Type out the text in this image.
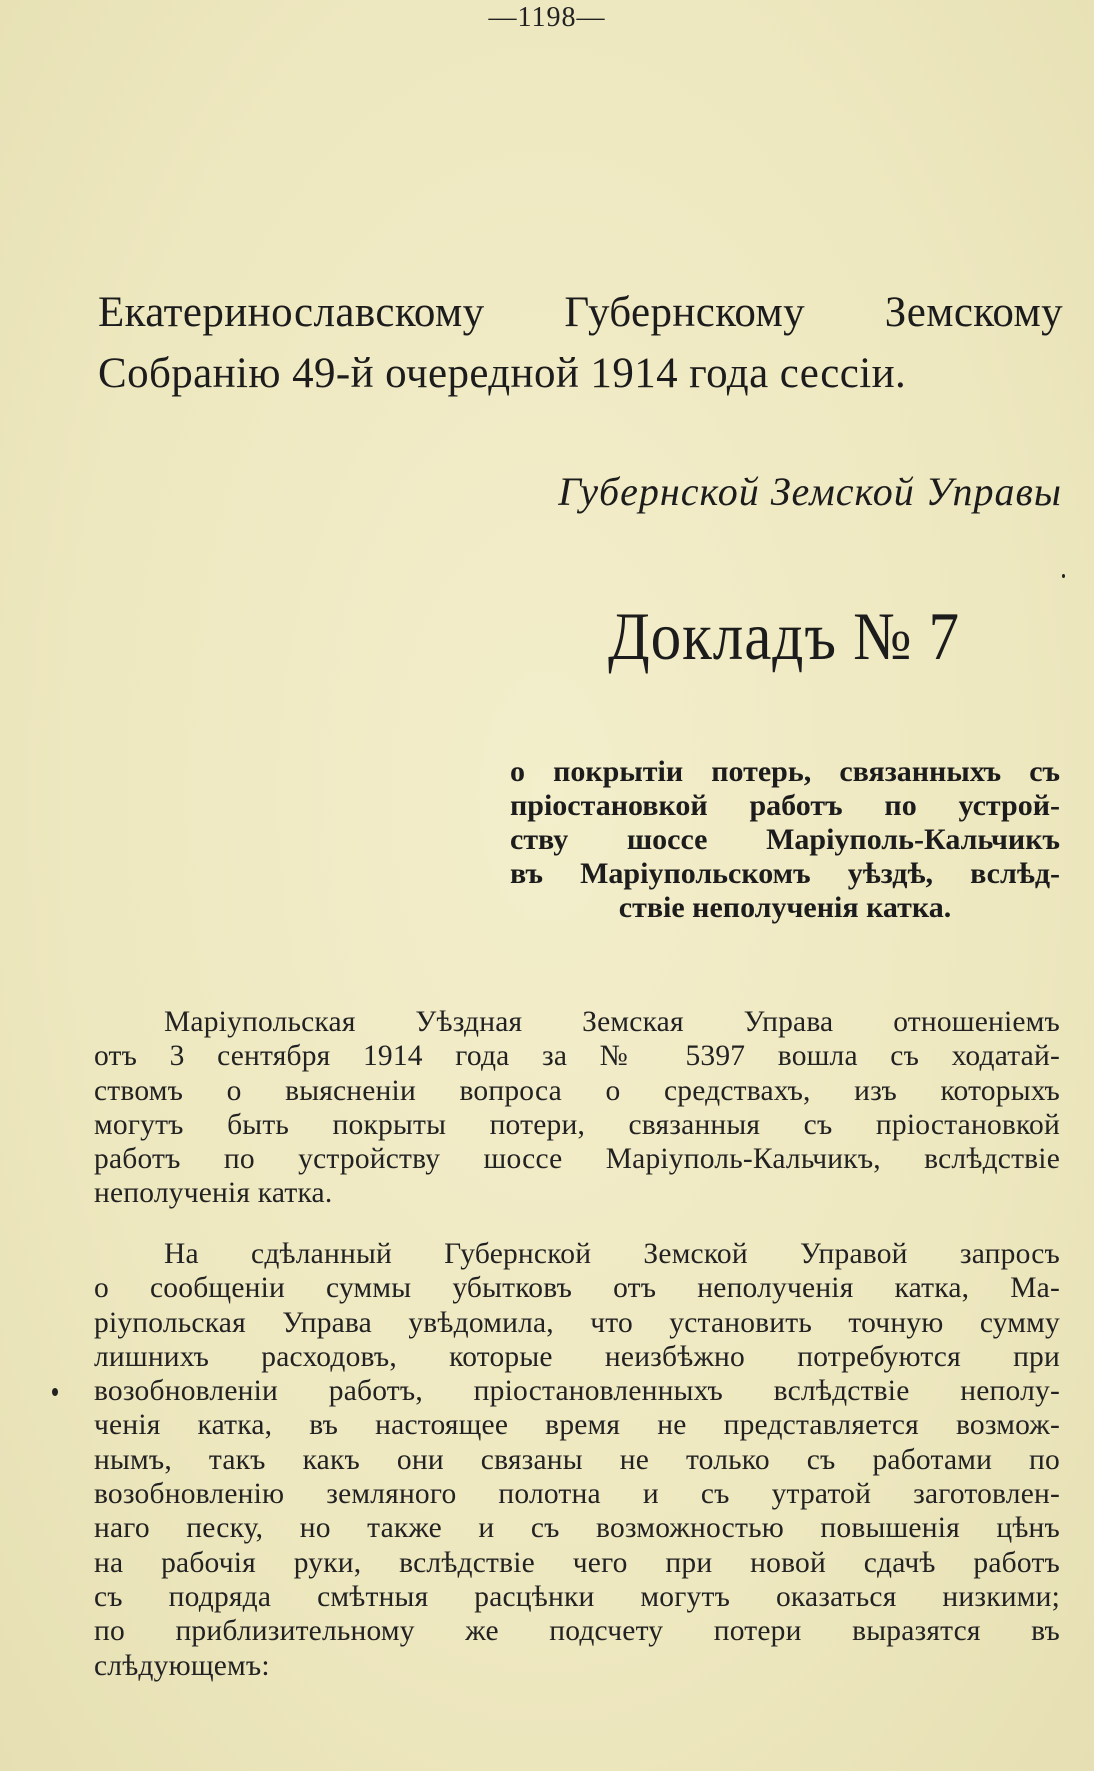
—1198—
Екатеринославскому Губернскому Земскому
Собранію 49-й очередной 1914 года сессіи.
Губернской Земской Управы
Докладъ № 7
о покрытіи потерь, связанныхъ съ
пріостановкой работъ по устрой-
ству шоссе Маріуполь-Кальчикъ
въ Маріупольскомъ уѣздѣ, вслѣд-
ствіе неполученія катка.
Маріупольская Уѣздная Земская Управа отношеніемъ
отъ 3 сентября 1914 года за № 5397 вошла съ ходатай-
ствомъ о выясненіи вопроса о средствахъ, изъ которыхъ
могутъ быть покрыты потери, связанныя съ пріостановкой
работъ по устройству шоссе Маріуполь-Кальчикъ, вслѣдствіе
неполученія катка.
На сдѣланный Губернской Земской Управой запросъ
о сообщеніи суммы убытковъ отъ неполученія катка, Ма-
ріупольская Управа увѣдомила, что установить точную сумму
лишнихъ расходовъ, которые неизбѣжно потребуются при
возобновленіи работъ, пріостановленныхъ вслѣдствіе неполу-
ченія катка, въ настоящее время не представляется возмож-
нымъ, такъ какъ они связаны не только съ работами по
возобновленію земляного полотна и съ утратой заготовлен-
наго песку, но также и съ возможностью повышенія цѣнъ
на рабочія руки, вслѣдствіе чего при новой сдачѣ работъ
съ подряда смѣтныя расцѣнки могутъ оказаться низкими;
по приблизительному же подсчету потери выразятся въ
слѣдующемъ:
